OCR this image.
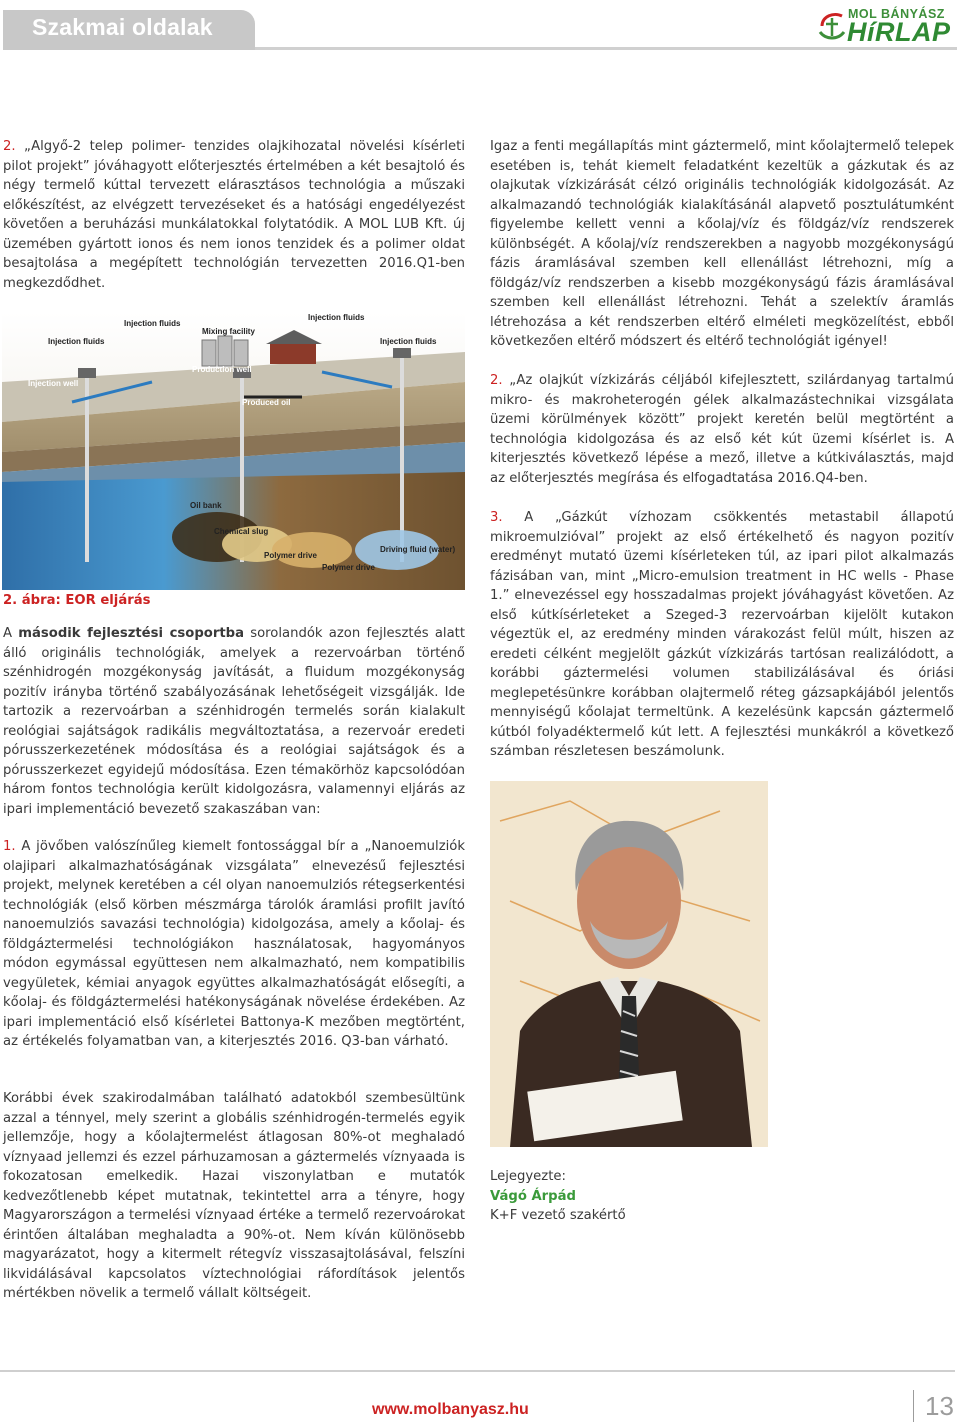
Szakmai oldalak	MOL BÁNYÁSZ
HíRLAP

2. „Algyő-2 telep polimer- tenzides olajkihozatal növelési kísérleti pilot projekt” jóváhagyott előterjesztés értelmében a két besajtoló és négy termelő kúttal tervezett elárasztásos technológia a műszaki előkészítést, az elvégzett tervezéseket és a hatósági engedélyezést követően a beruházási munkálatokkal folytatódik. A MOL LUB Kft. új üzemében gyártott ionos és nem ionos tenzidek és a polimer oldat besajtolása a megépített technológián tervezetten 2016.Q1-ben megkezdődhet.

Injection fluids
Mixing facility
Injection fluids
Injection fluids	Injection fluids
Injection well
Production well
Produced oil
Oil bank
Chemical slug
Polymer drive
Polymer drive
Driving fluid (water)

2. ábra: EOR eljárás

A második fejlesztési csoportba sorolandók azon fejlesztés alatt álló originális technológiák, amelyek a rezervoárban történő szénhidrogén mozgékonyság javítását, a fluidum mozgékonyság pozitív irányba történő szabályozásának lehetőségeit vizsgálják. Ide tartozik a rezervoárban a szénhidrogén termelés során kialakult reológiai sajátságok radikális megváltoztatása, a rezervoár eredeti pórusszerkezetének módosítása és a reológiai sajátságok és a pórusszerkezet egyidejű módosítása. Ezen témakörhöz kapcsolódóan három fontos technológia került kidolgozásra, valamennyi eljárás az ipari implementáció bevezető szakaszában van:

1. A jövőben valószínűleg kiemelt fontossággal bír a „Nanoemulziók olajipari alkalmazhatóságának vizsgálata” elnevezésű fejlesztési projekt, melynek keretében a cél olyan nanoemulziós rétegserkentési technológiák (első körben mészmárga tárolók áramlási profilt javító nanoemulziós savazási technológia) kidolgozása, amely a kőolaj- és földgáztermelési technológiákon használatosak, hagyományos módon egymással együttesen nem alkalmazható, nem kompatibilis vegyületek, kémiai anyagok együttes alkalmazhatóságát elősegíti, a kőolaj- és földgáztermelési hatékonyságának növelése érdekében. Az ipari implementáció első kísérletei Battonya-K mezőben megtörtént, az értékelés folyamatban van, a kiterjesztés 2016. Q3-ban várható.

Korábbi évek szakirodalmában található adatokból szembesültünk azzal a ténnyel, mely szerint a globális szénhidrogén-termelés egyik jellemzője, hogy a kőolajtermelést átlagosan 80%-ot meghaladó víznyaad jellemzi és ezzel párhuzamosan a gáztermelés víznyaada is fokozatosan emelkedik. Hazai viszonylatban e mutatók kedvezőtlenebb képet mutatnak, tekintettel arra a tényre, hogy Magyarországon a termelési víznyaad értéke a termelő rezervoárokat érintően általában meghaladta a 90%-ot. Nem kíván különösebb magyarázatot, hogy a kitermelt rétegvíz visszasajtolásával, felszíni likvidálásával kapcsolatos víztechnológiai ráfordítások jelentős mértékben növelik a termelő vállalt költségeit.

Igaz a fenti megállapítás mint gáztermelő, mint kőolajtermelő telepek esetében is, tehát kiemelt feladatként kezeltük a gázkutak és az olajkutak vízkizárását célzó originális technológiák kidolgozását. Az alkalmazandó technológiák kialakításánál alapvető posztulátumként figyelembe kellett venni a kőolaj/víz és földgáz/víz rendszerek különbségét. A kőolaj/víz rendszerekben a nagyobb mozgékonyságú fázis áramlásával szemben kell ellenállást létrehozni, míg a földgáz/víz rendszerben a kisebb mozgékonyságú fázis áramlásával szemben kell ellenállást létrehozni. Tehát a szelektív áramlás létrehozása a két rendszerben eltérő elméleti megközelítést, ebből következően eltérő módszert és eltérő technológiát igényel!

2. „Az olajkút vízkizárás céljából kifejlesztett, szilárdanyag tartalmú mikro- és makroheterogén gélek alkalmazástechnikai vizsgálata üzemi körülmények között” projekt keretén belül megtörtént a technológia kidolgozása és az első két kút üzemi kísérlet is. A kiterjesztés következő lépése a mező, illetve a kútkiválasztás, majd az előterjesztés megírása és elfogadtatása 2016.Q4-ben.

3. A „Gázkút vízhozam csökkentés metastabil állapotú mikroemulzióval” projekt az első értékelhető és nagyon pozitív eredményt mutató üzemi kísérleteken túl, az ipari pilot alkalmazás fázisában van, mint „Micro-emulsion treatment in HC wells - Phase 1.” elnevezéssel egy hosszadalmas projekt jóváhagyást követően. Az első kútkísérleteket a Szeged-3 rezervoárban kijelölt kutakon végeztük el, az eredmény minden várakozást felül múlt, hiszen az eredeti célként megjelölt gázkút vízkizárás tartósan realizálódott, a korábbi gáztermelési volumen stabilizálásával és óriási meglepetésünkre korábban olajtermelő réteg gázsapkájából jelentős mennyiségű kőolajat termeltünk. A kezelésünk kapcsán gáztermelő kútból folyadéktermelő kút lett. A fejlesztési munkákról a következő számban részletesen beszámolunk.

Lejegyezte:

Vágó Árpád

K+F vezető szakértő

www.molbanyasz.hu	13
